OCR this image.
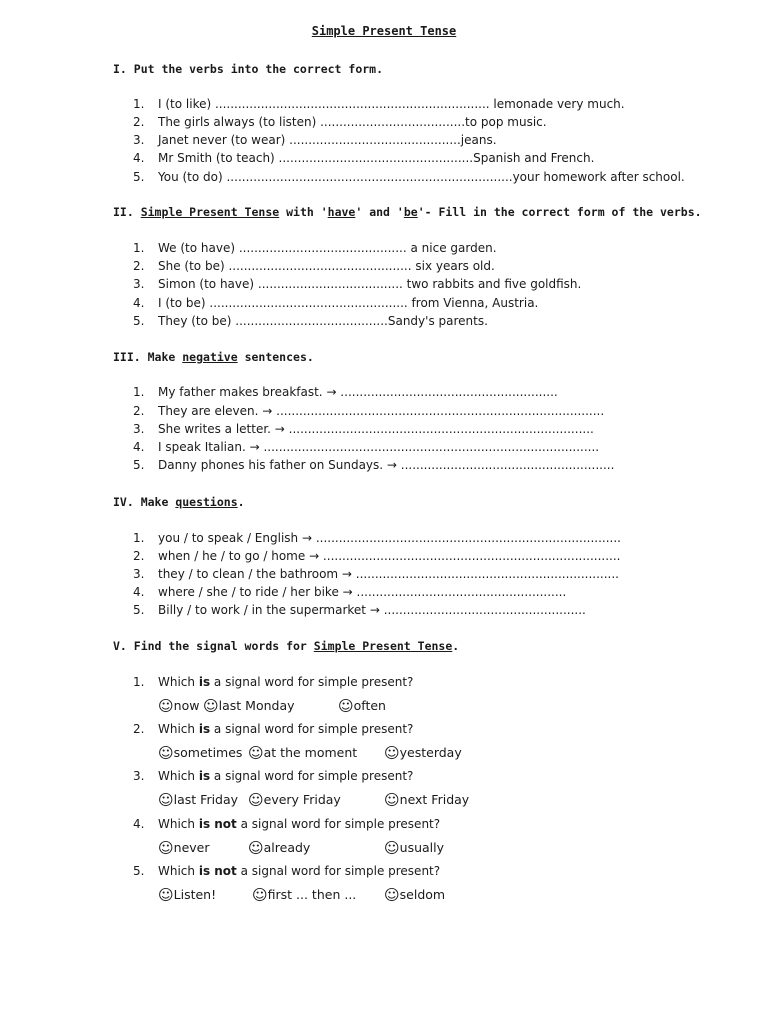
Simple Present Tense
I. Put the verbs into the correct form.
1. I (to like) ........................................................................ lemonade very much.
2. The girls always (to listen) ......................................to pop music.
3. Janet never (to wear) .............................................jeans.
4. Mr Smith (to teach) ...................................................Spanish and French.
5. You (to do) ...........................................................................your homework after school.
II. Simple Present Tense with 'have' and 'be'- Fill in the correct form of the verbs.
1. We (to have) ............................................ a nice garden.
2. She (to be) ................................................ six years old.
3. Simon (to have) ...................................... two rabbits and five goldfish.
4. I (to be) .................................................... from Vienna, Austria.
5. They (to be) ........................................Sandy's parents.
III. Make negative sentences.
1. My father makes breakfast. → .........................................................
2. They are eleven. → ......................................................................................
3. She writes a letter. → ................................................................................
4. I speak Italian. → ........................................................................................
5. Danny phones his father on Sundays. → ........................................................
IV. Make questions.
1. you / to speak / English → ................................................................................
2. when / he / to go / home → ..............................................................................
3. they / to clean / the bathroom → .....................................................................
4. where / she / to ride / her bike → .......................................................
5. Billy / to work / in the supermarket → .....................................................
V. Find the signal words for Simple Present Tense.
1. Which is a signal word for simple present?
☺now ☺last Monday	☺often
2. Which is a signal word for simple present?
☺sometimes ☺at the moment ☺yesterday
3. Which is a signal word for simple present?
☺last Friday ☺every Friday	☺next Friday
4. Which is not a signal word for simple present?
☺never	☺already	☺usually
5. Which is not a signal word for simple present?
☺Listen! ☺first ... then ... ☺seldom
